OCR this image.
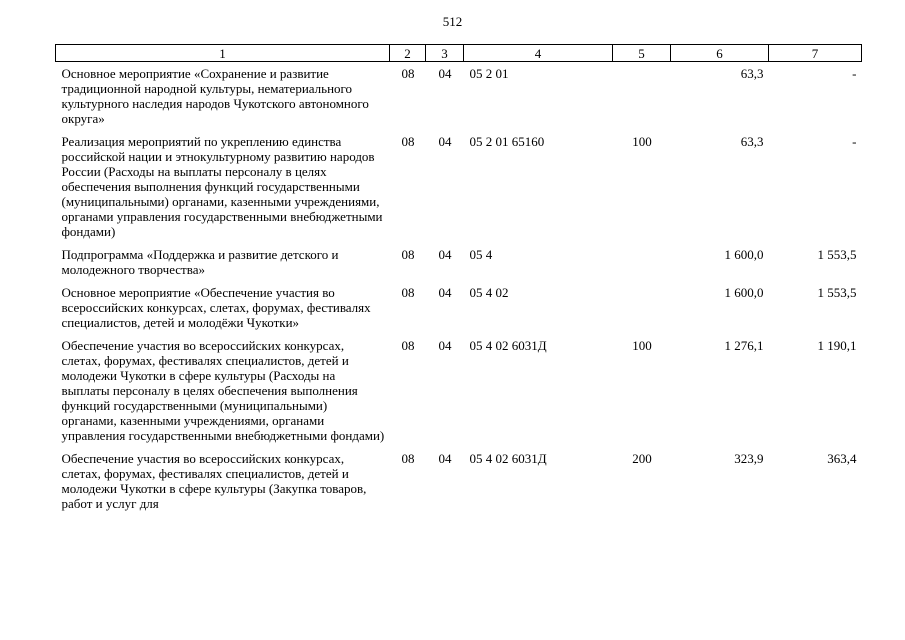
512
1	2	3	4	5	6	7
Основное мероприятие «Сохранение и развитие традиционной народной культуры, нематериального культурного наследия народов Чукотского автономного округа»	08	04	05 2 01		63,3	-
Реализация мероприятий по укреплению единства российской нации и этнокультурному развитию народов России (Расходы на выплаты персоналу в целях обеспечения выполнения функций государственными (муниципальными) органами, казенными учреждениями, органами управления государственными внебюджетными фондами)	08	04	05 2 01 65160	100	63,3	-
Подпрограмма «Поддержка и развитие детского и молодежного творчества»	08	04	05 4		1 600,0	1 553,5
Основное мероприятие «Обеспечение участия во всероссийских конкурсах, слетах, форумах, фестивалях специалистов, детей и молодёжи Чукотки»	08	04	05 4 02		1 600,0	1 553,5
Обеспечение участия во всероссийских конкурсах, слетах, форумах, фестивалях специалистов, детей и молодежи Чукотки в сфере культуры (Расходы на выплаты персоналу в целях обеспечения выполнения функций государственными (муниципальными) органами, казенными учреждениями, органами управления государственными внебюджетными фондами)	08	04	05 4 02 6031Д	100	1 276,1	1 190,1
Обеспечение участия во всероссийских конкурсах, слетах, форумах, фестивалях специалистов, детей и молодежи Чукотки в сфере культуры (Закупка товаров, работ и услуг для	08	04	05 4 02 6031Д	200	323,9	363,4
